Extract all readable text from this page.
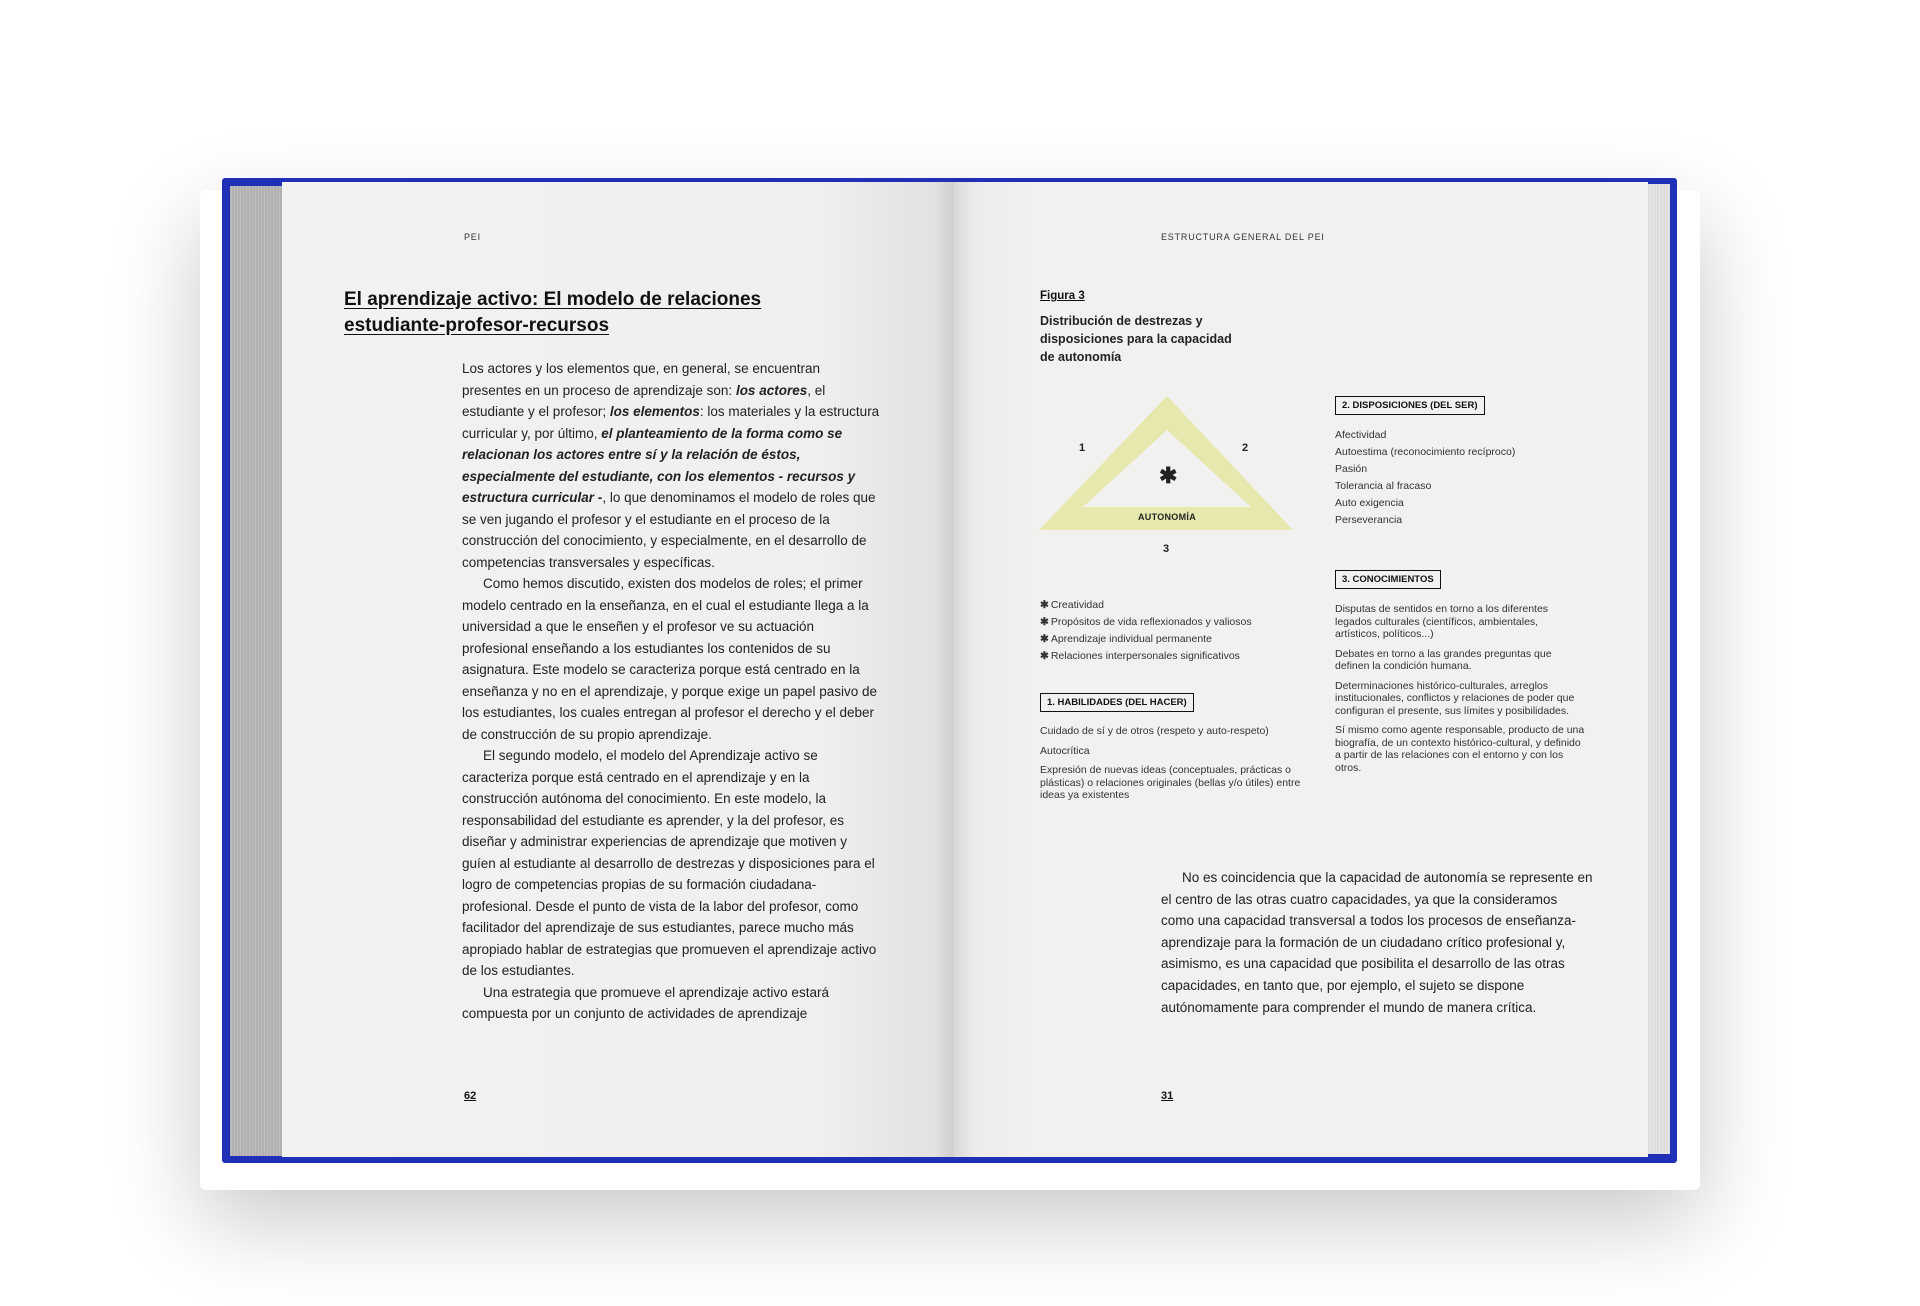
PEI
El aprendizaje activo: El modelo de relaciones estudiante-profesor-recursos

Los actores y los elementos que, en general, se encuentran presentes en un proceso de aprendizaje son: los actores, el estudiante y el profesor; los elementos: los materiales y la estructura curricular y, por último, el planteamiento de la forma como se relacionan los actores entre sí y la relación de éstos, especialmente del estudiante, con los elementos - recursos y estructura curricular -, lo que denominamos el modelo de roles que se ven jugando el profesor y el estudiante en el proceso de la construcción del conocimiento, y especialmente, en el desarrollo de competencias transversales y específicas.

Como hemos discutido, existen dos modelos de roles; el primer modelo centrado en la enseñanza, en el cual el estudiante llega a la universidad a que le enseñen y el profesor ve su actuación profesional enseñando a los estudiantes los contenidos de su asignatura. Este modelo se caracteriza porque está centrado en la enseñanza y no en el aprendizaje, y porque exige un papel pasivo de los estudiantes, los cuales entregan al profesor el derecho y el deber de construcción de su propio aprendizaje.

El segundo modelo, el modelo del Aprendizaje activo se caracteriza porque está centrado en el aprendizaje y en la construcción autónoma del conocimiento. En este modelo, la responsabilidad del estudiante es aprender, y la del profesor, es diseñar y administrar experiencias de aprendizaje que motiven y guíen al estudiante al desarrollo de destrezas y disposiciones para el logro de competencias propias de su formación ciudadana-profesional. Desde el punto de vista de la labor del profesor, como facilitador del aprendizaje de sus estudiantes, parece mucho más apropiado hablar de estrategias que promueven el aprendizaje activo de los estudiantes.

Una estrategia que promueve el aprendizaje activo estará compuesta por un conjunto de actividades de aprendizaje

62
ESTRUCTURA GENERAL DEL PEI
Figura 3
Distribución de destrezas y disposiciones para la capacidad de autonomía
✱
AUTONOMÍA
1	2
3
✱ Creatividad
✱ Propósitos de vida reflexionados y valiosos
✱ Aprendizaje individual permanente
✱ Relaciones interpersonales significativos
1. HABILIDADES (DEL HACER)
Cuidado de sí y de otros (respeto y auto-respeto)
Autocrítica
Expresión de nuevas ideas (conceptuales, prácticas o plásticas) o relaciones originales (bellas y/o útiles) entre ideas ya existentes
2. DISPOSICIONES (DEL SER)
Afectividad
Autoestima (reconocimiento recíproco)
Pasión
Tolerancia al fracaso
Auto exigencia
Perseverancia
3. CONOCIMIENTOS
Disputas de sentidos en torno a los diferentes legados culturales (científicos, ambientales, artísticos, políticos...)
Debates en torno a las grandes preguntas que definen la condición humana.
Determinaciones histórico-culturales, arreglos institucionales, conflictos y relaciones de poder que configuran el presente, sus límites y posibilidades.
Sí mismo como agente responsable, producto de una biografía, de un contexto histórico-cultural, y definido a partir de las relaciones con el entorno y con los otros.
No es coincidencia que la capacidad de autonomía se represente en el centro de las otras cuatro capacidades, ya que la consideramos como una capacidad transversal a todos los procesos de enseñanza-aprendizaje para la formación de un ciudadano crítico profesional y, asimismo, es una capacidad que posibilita el desarrollo de las otras capacidades, en tanto que, por ejemplo, el sujeto se dispone autónomamente para comprender el mundo de manera crítica.
31
